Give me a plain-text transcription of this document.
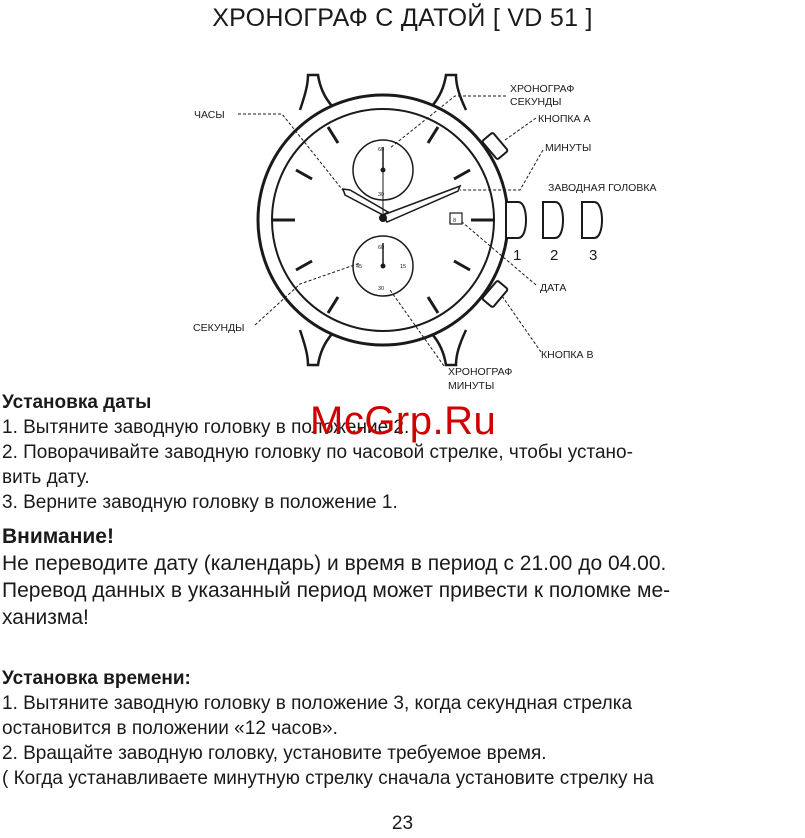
ХРОНОГРАФ С ДАТОЙ [ VD 51 ]
60
30
60
45	15
30
8
ЧАСЫ
ХРОНОГРАФ
СЕКУНДЫ
КНОПКА А
МИНУТЫ
ЗАВОДНАЯ ГОЛОВКА
1 2 3
ДАТА
СЕКУНДЫ
КНОПКА В
ХРОНОГРАФ
МИНУТЫ
Установка даты
1. Вытяните заводную головку в положение 2.
2. Поворачивайте заводную головку по часовой стрелке, чтобы устано-
вить дату.
3. Верните заводную головку в положение 1.
Внимание!
Не переводите дату (календарь) и время в период с 21.00 до 04.00.
Перевод данных в указанный период может привести к поломке ме-
ханизма!
Установка времени:
1. Вытяните заводную головку в положение 3, когда секундная стрелка
остановится в положении «12 часов».
2. Вращайте заводную головку, установите требуемое время.
( Когда устанавливаете минутную стрелку сначала установите стрелку на
McGrp.Ru
23
